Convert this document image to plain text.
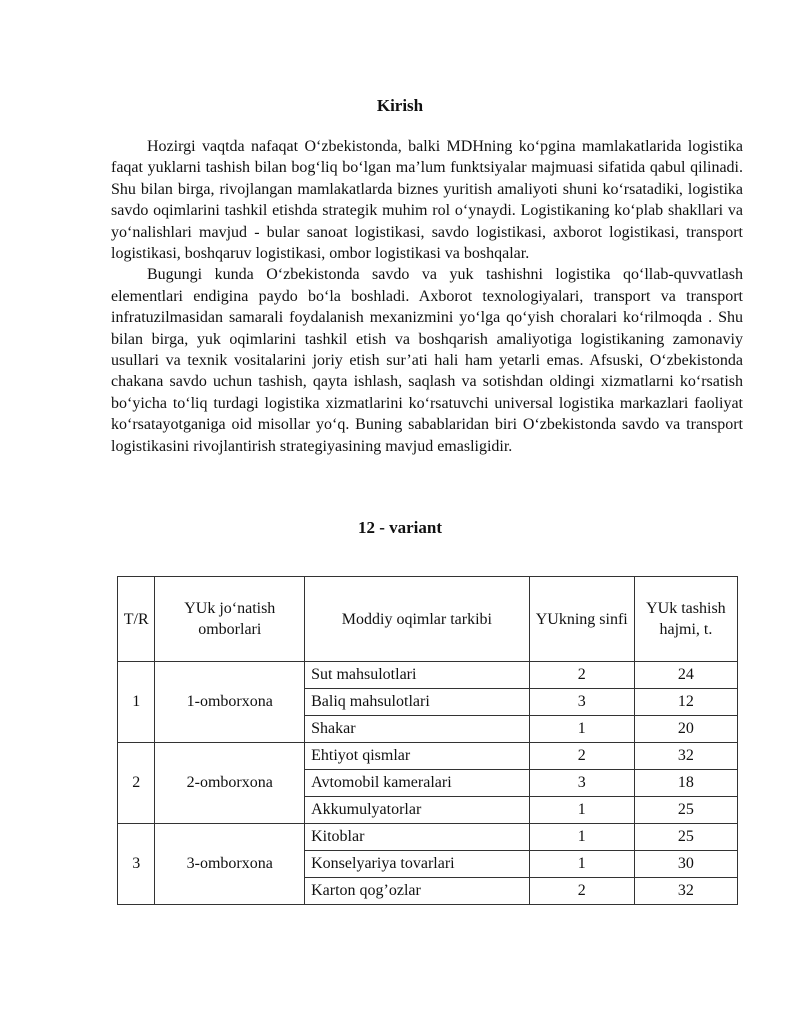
Kirish

Hozirgi vaqtda nafaqat O‘zbekistonda, balki MDHning ko‘pgina mamlakatlarida logistika faqat yuklarni tashish bilan bog‘liq bo‘lgan ma’lum funktsiyalar majmuasi sifatida qabul qilinadi. Shu bilan birga, rivojlangan mamlakatlarda biznes yuritish amaliyoti shuni ko‘rsatadiki, logistika savdo oqimlarini tashkil etishda strategik muhim rol o‘ynaydi. Logistikaning ko‘plab shakllari va yo‘nalishlari mavjud - bular sanoat logistikasi, savdo logistikasi, axborot logistikasi, transport logistikasi, boshqaruv logistikasi, ombor logistikasi va boshqalar.

Bugungi kunda O‘zbekistonda savdo va yuk tashishni logistika qo‘llab-quvvatlash elementlari endigina paydo bo‘la boshladi. Axborot texnologiyalari, transport va transport infratuzilmasidan samarali foydalanish mexanizmini yo‘lga qo‘yish choralari ko‘rilmoqda . Shu bilan birga, yuk oqimlarini tashkil etish va boshqarish amaliyotiga logistikaning zamonaviy usullari va texnik vositalarini joriy etish sur’ati hali ham yetarli emas. Afsuski, O‘zbekistonda chakana savdo uchun tashish, qayta ishlash, saqlash va sotishdan oldingi xizmatlarni ko‘rsatish bo‘yicha to‘liq turdagi logistika xizmatlarini ko‘rsatuvchi universal logistika markazlari faoliyat ko‘rsatayotganiga oid misollar yo‘q. Buning sabablaridan biri O‘zbekistonda savdo va transport logistikasini rivojlantirish strategiyasining mavjud emasligidir.

12 - variant
T/R	YUk jo‘natish omborlari	Moddiy oqimlar tarkibi	YUkning sinfi	YUk tashish hajmi, t.
1	1-omborxona	Sut mahsulotlari	2	24
		Baliq mahsulotlari	3	12
		Shakar	1	20
2	2-omborxona	Ehtiyot qismlar	2	32
		Avtomobil kameralari	3	18
		Akkumulyatorlar	1	25
3	3-omborxona	Kitoblar	1	25
		Konselyariya tovarlari	1	30
		Karton qog’ozlar	2	32
